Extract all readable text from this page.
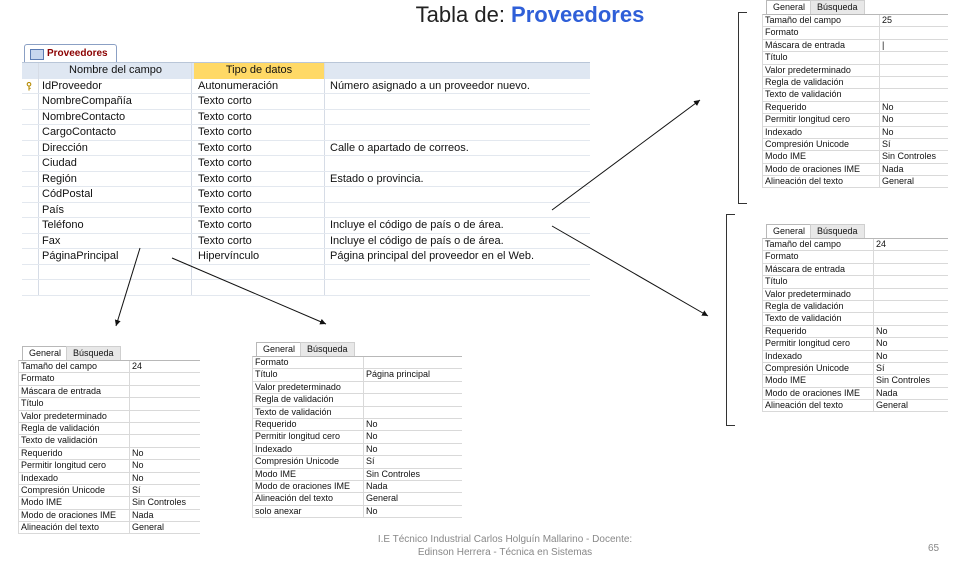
Tabla de: Proveedores
Proveedores
Nombre del campo	Tipo de datos
IdProveedor	Autonumeración	Número asignado a un proveedor nuevo.
NombreCompañía	Texto corto
NombreContacto	Texto corto
CargoContacto	Texto corto
Dirección	Texto corto	Calle o apartado de correos.
Ciudad	Texto corto
Región	Texto corto	Estado o provincia.
CódPostal	Texto corto
País	Texto corto
Teléfono	Texto corto	Incluye el código de país o de área.
Fax	Texto corto	Incluye el código de país o de área.
PáginaPrincipal	Hipervínculo	Página principal del proveedor en el Web.
General	Búsqueda
Tamaño del campo	25
Formato
Máscara de entrada	|
Título
Valor predeterminado
Regla de validación
Texto de validación
Requerido	No
Permitir longitud cero	No
Indexado	No
Compresión Unicode	Sí
Modo IME	Sin Controles
Modo de oraciones IME	Nada
Alineación del texto	General
General	Búsqueda
Tamaño del campo	24
Formato
Máscara de entrada
Título
Valor predeterminado
Regla de validación
Texto de validación
Requerido	No
Permitir longitud cero	No
Indexado	No
Compresión Unicode	Sí
Modo IME	Sin Controles
Modo de oraciones IME	Nada
Alineación del texto	General
General	Búsqueda
Tamaño del campo	24
Formato
Máscara de entrada
Título
Valor predeterminado
Regla de validación
Texto de validación
Requerido	No
Permitir longitud cero	No
Indexado	No
Compresión Unicode	Sí
Modo IME	Sin Controles
Modo de oraciones IME	Nada
Alineación del texto	General
General	Búsqueda
Formato
Título	Página principal
Valor predeterminado
Regla de validación
Texto de validación
Requerido	No
Permitir longitud cero	No
Indexado	No
Compresión Unicode	Sí
Modo IME	Sin Controles
Modo de oraciones IME	Nada
Alineación del texto	General
solo anexar	No
I.E Técnico Industrial Carlos Holguín Mallarino - Docente:
Edinson Herrera - Técnica en Sistemas	65
